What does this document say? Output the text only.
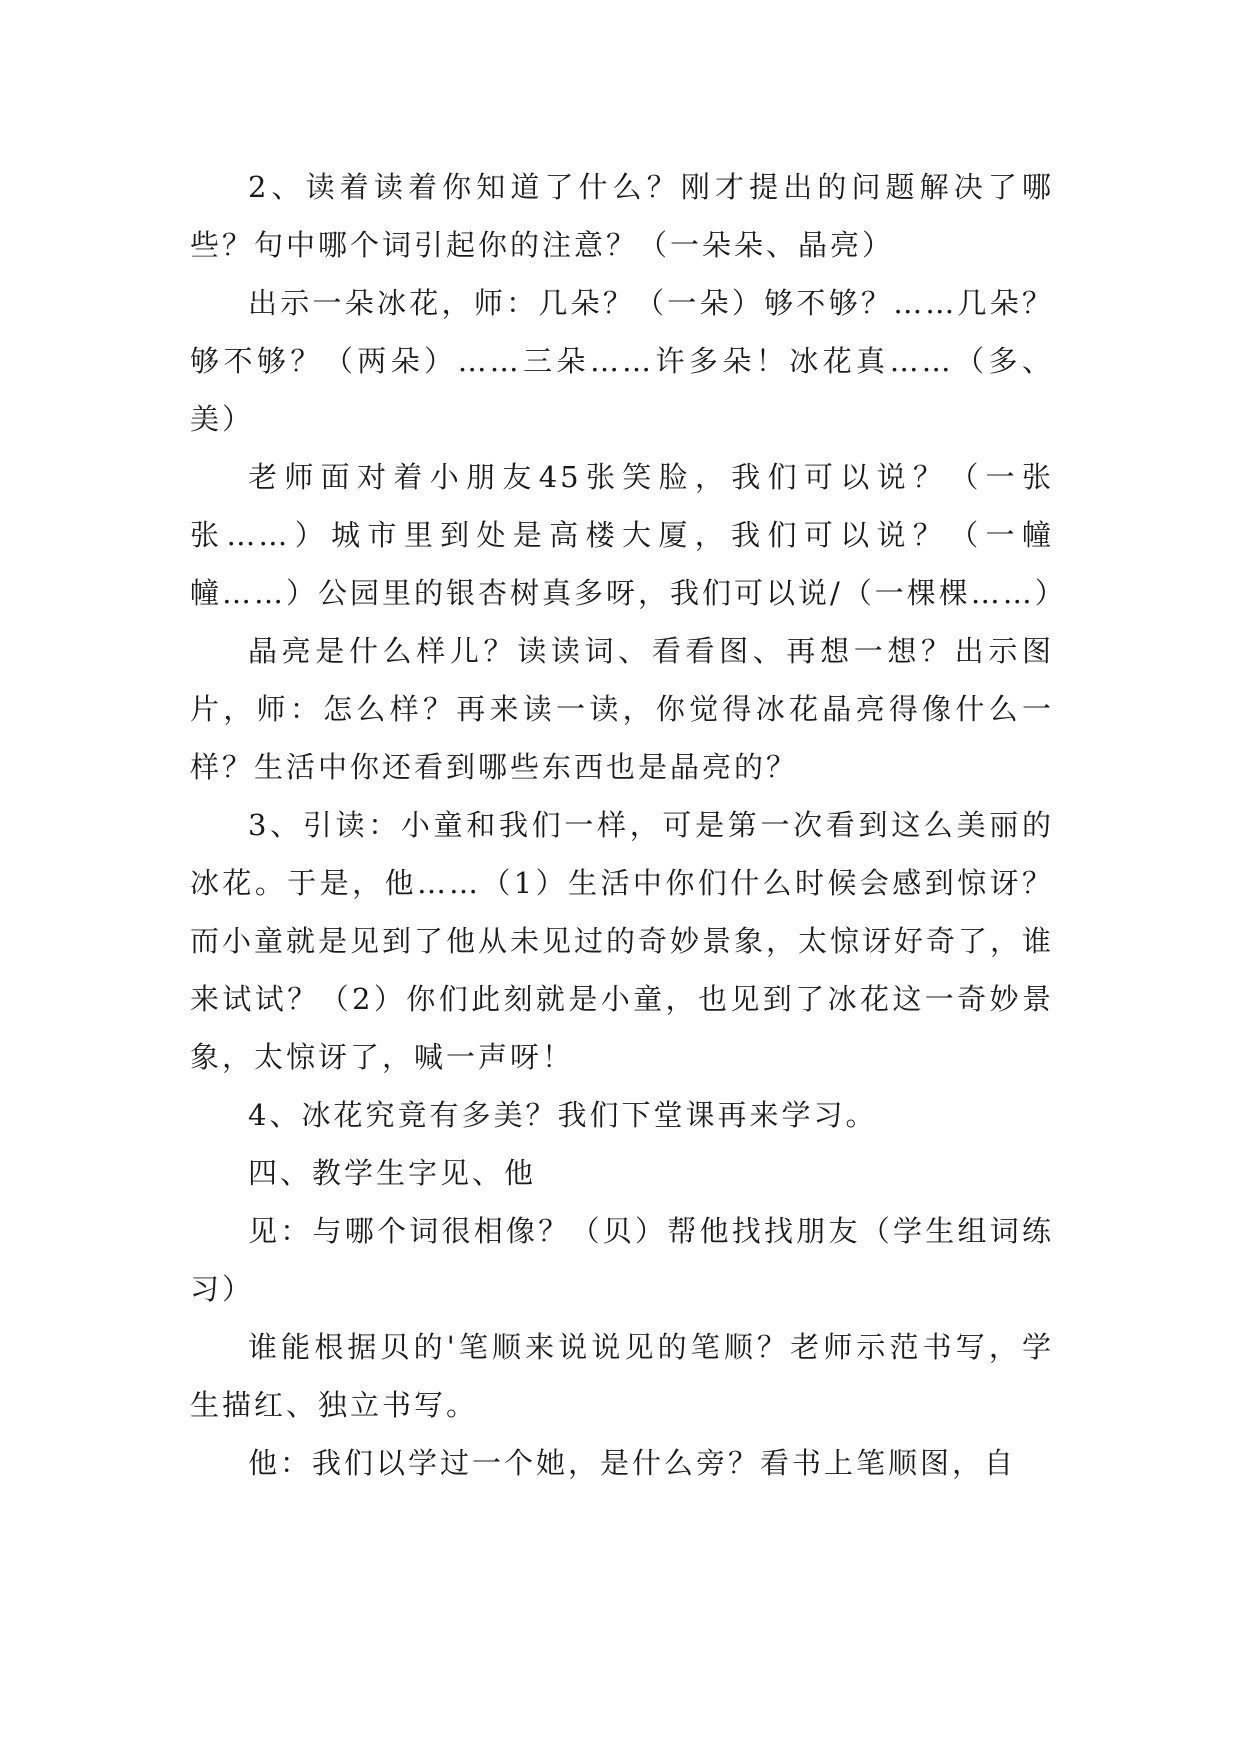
2、读着读着你知道了什么？刚才提出的问题解决了哪些？句中哪个词引起你的注意？（一朵朵、晶亮）

出示一朵冰花，师：几朵？（一朵）够不够？……几朵？够不够？（两朵）……三朵……许多朵！冰花真……（多、美）

老师面对着小朋友45张笑脸，我们可以说？（一张张……）城市里到处是高楼大厦，我们可以说？（一幢幢……）公园里的银杏树真多呀，我们可以说/（一棵棵……）

晶亮是什么样儿？读读词、看看图、再想一想？出示图片，师：怎么样？再来读一读，你觉得冰花晶亮得像什么一样？生活中你还看到哪些东西也是晶亮的？

3、引读：小童和我们一样，可是第一次看到这么美丽的冰花。于是，他……（1）生活中你们什么时候会感到惊讶？而小童就是见到了他从未见过的奇妙景象，太惊讶好奇了，谁来试试？（2）你们此刻就是小童，也见到了冰花这一奇妙景象，太惊讶了，喊一声呀！

4、冰花究竟有多美？我们下堂课再来学习。

四、教学生字见、他

见：与哪个词很相像？（贝）帮他找找朋友（学生组词练习）

谁能根据贝的'笔顺来说说见的笔顺？老师示范书写，学生描红、独立书写。

他：我们以学过一个她，是什么旁？看书上笔顺图，自
